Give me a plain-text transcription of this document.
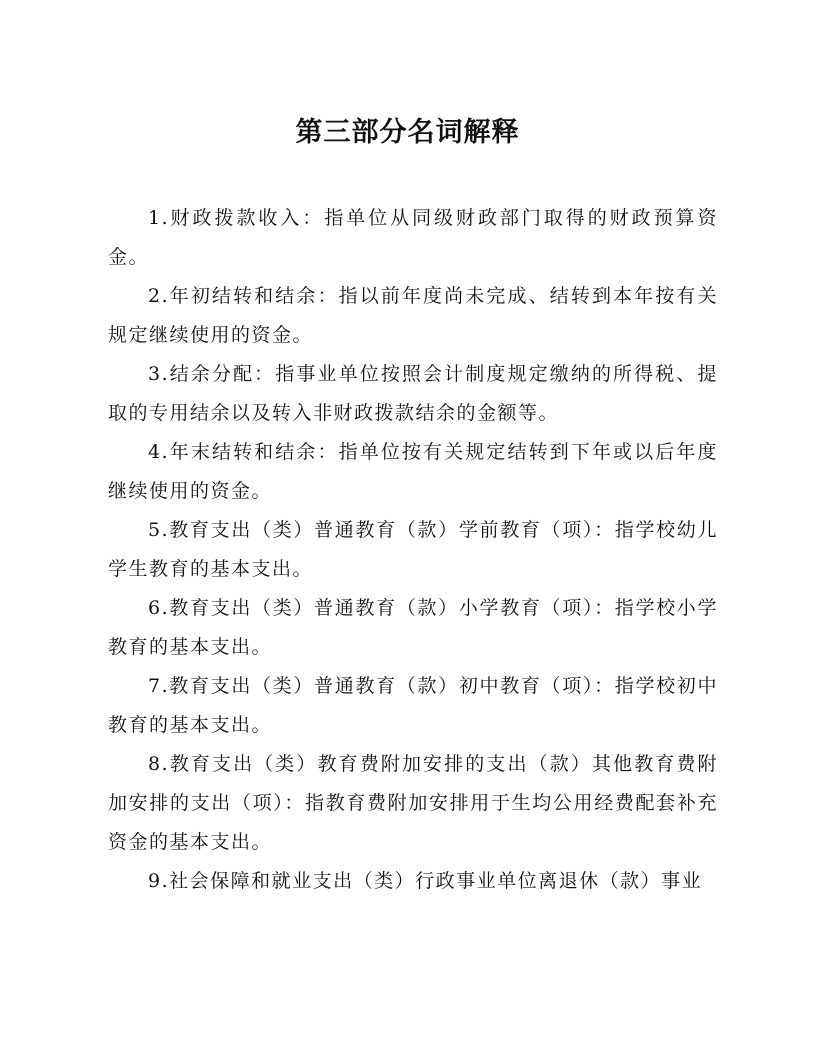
第三部分名词解释

1.财政拨款收入：指单位从同级财政部门取得的财政预算资金。

2.年初结转和结余：指以前年度尚未完成、结转到本年按有关规定继续使用的资金。

3.结余分配：指事业单位按照会计制度规定缴纳的所得税、提取的专用结余以及转入非财政拨款结余的金额等。

4.年末结转和结余：指单位按有关规定结转到下年或以后年度继续使用的资金。

5.教育支出（类）普通教育（款）学前教育（项）：指学校幼儿学生教育的基本支出。

6.教育支出（类）普通教育（款）小学教育（项）：指学校小学教育的基本支出。

7.教育支出（类）普通教育（款）初中教育（项）：指学校初中教育的基本支出。

8.教育支出（类）教育费附加安排的支出（款）其他教育费附加安排的支出（项）：指教育费附加安排用于生均公用经费配套补充资金的基本支出。

9.社会保障和就业支出（类）行政事业单位离退休（款）事业
